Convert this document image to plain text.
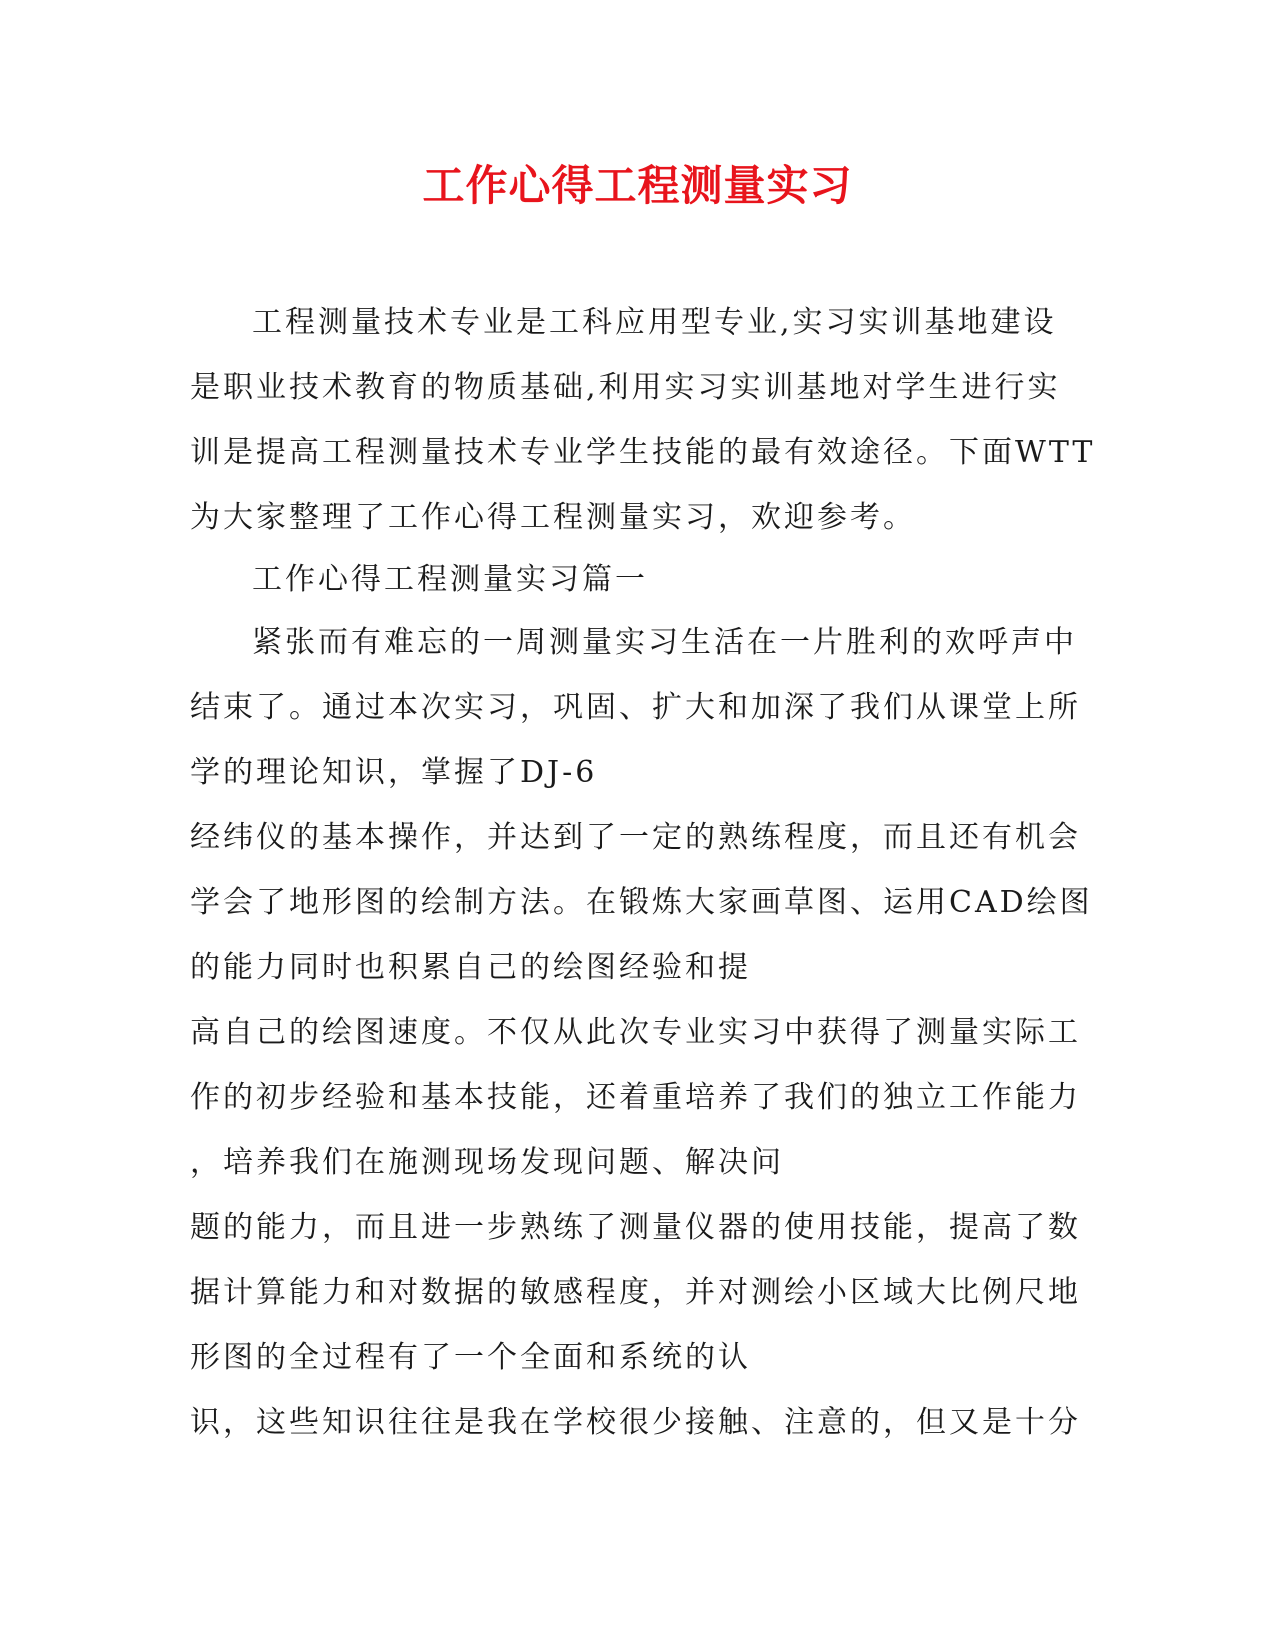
工作心得工程测量实习
工程测量技术专业是工科应用型专业,实习实训基地建设
是职业技术教育的物质基础,利用实习实训基地对学生进行实
训是提高工程测量技术专业学生技能的最有效途径。下面WTT
为大家整理了工作心得工程测量实习，欢迎参考。
工作心得工程测量实习篇一
紧张而有难忘的一周测量实习生活在一片胜利的欢呼声中
结束了。通过本次实习，巩固、扩大和加深了我们从课堂上所
学的理论知识，掌握了DJ-6
经纬仪的基本操作，并达到了一定的熟练程度，而且还有机会
学会了地形图的绘制方法。在锻炼大家画草图、运用CAD绘图
的能力同时也积累自己的绘图经验和提
高自己的绘图速度。不仅从此次专业实习中获得了测量实际工
作的初步经验和基本技能，还着重培养了我们的独立工作能力
，培养我们在施测现场发现问题、解决问
题的能力，而且进一步熟练了测量仪器的使用技能，提高了数
据计算能力和对数据的敏感程度，并对测绘小区域大比例尺地
形图的全过程有了一个全面和系统的认
识，这些知识往往是我在学校很少接触、注意的，但又是十分
